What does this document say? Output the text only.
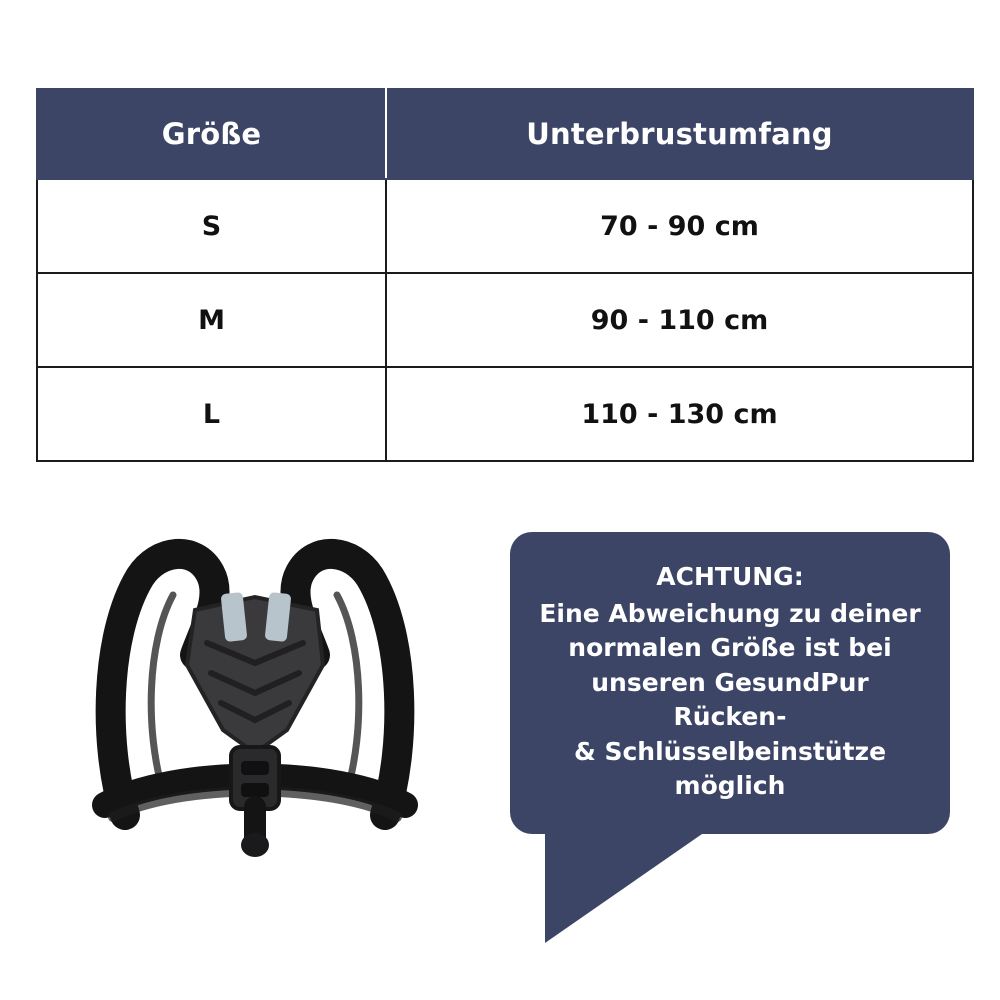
Größe	Unterbrustumfang
S	70 - 90 cm
M	90 - 110 cm
L	110 - 130 cm

ACHTUNG:

Eine Abweichung zu deiner

normalen Größe ist bei

unseren GesundPur Rücken-

& Schlüsselbeinstütze

möglich
